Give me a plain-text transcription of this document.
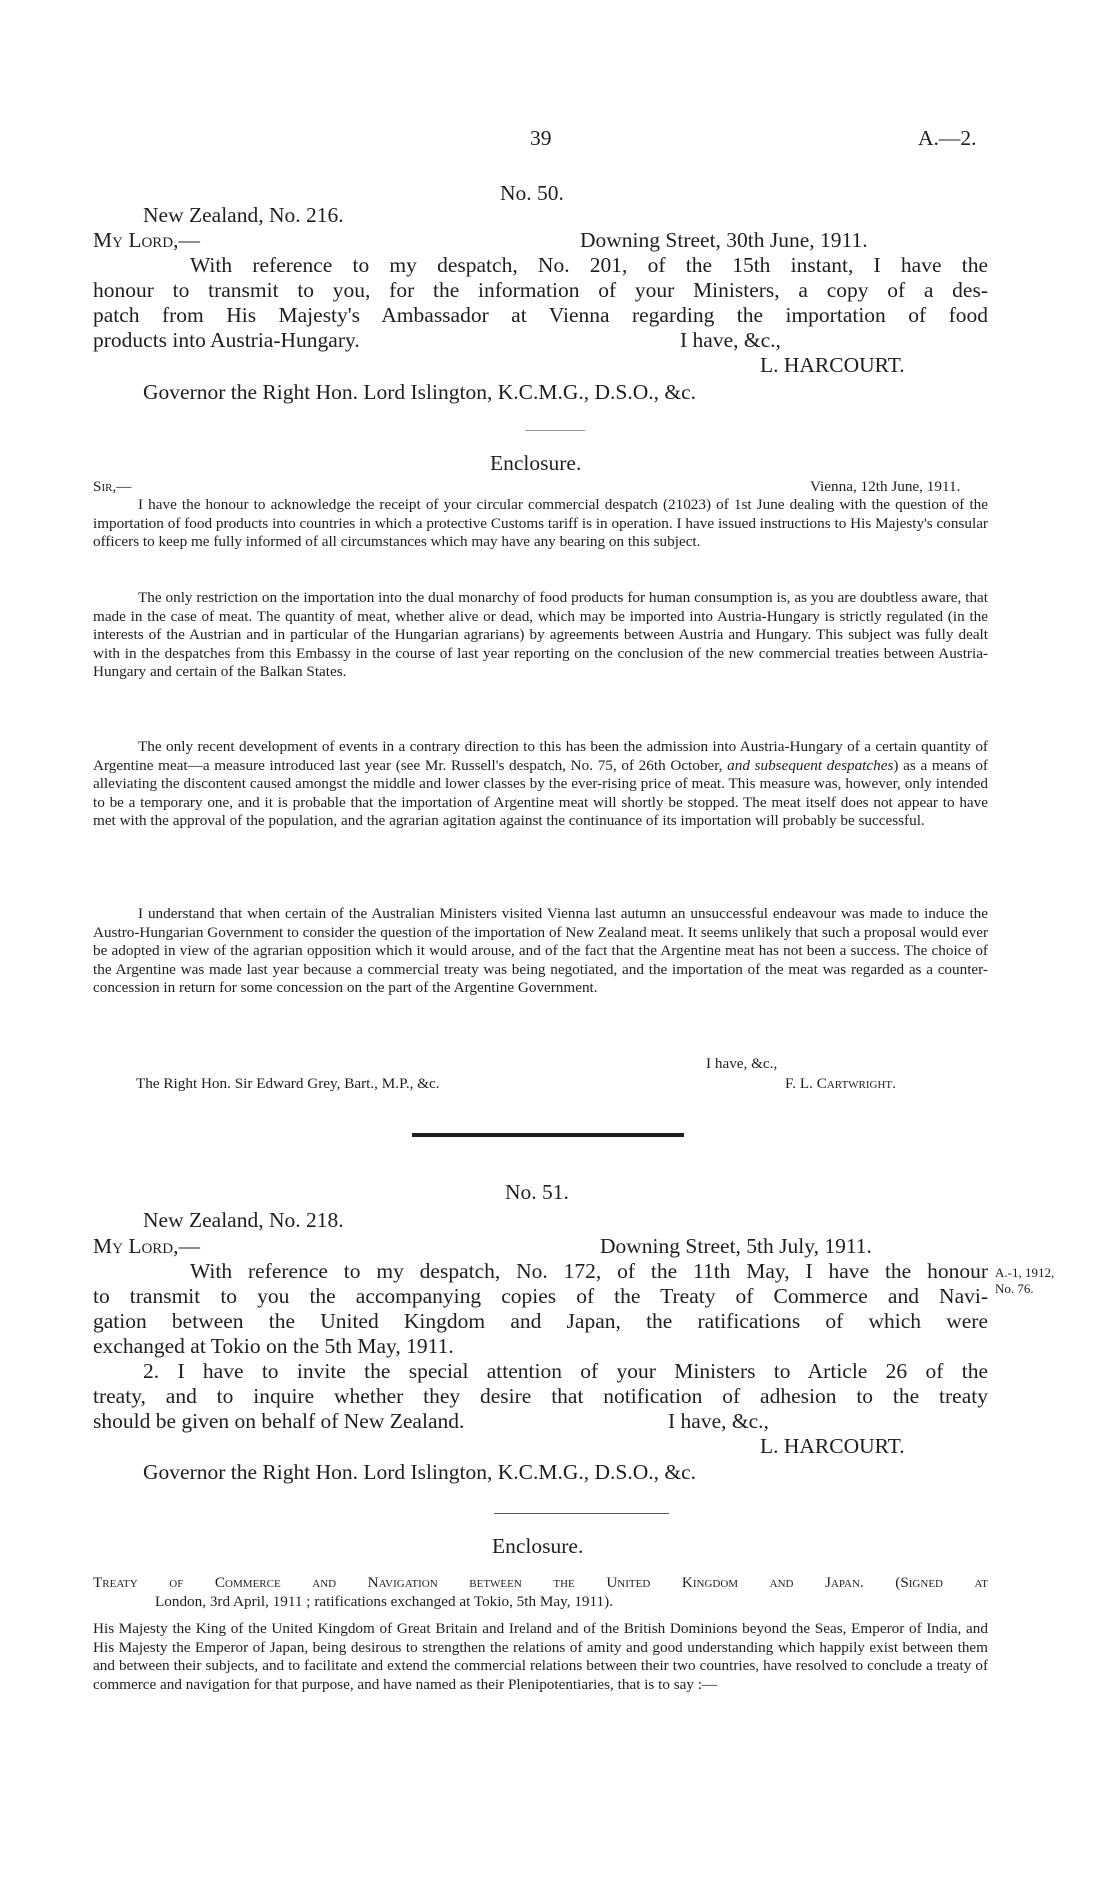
39	A.—2.
No. 50.
New Zealand, No. 216.
My Lord,—	Downing Street, 30th June, 1911.
With reference to my despatch, No. 201, of the 15th instant, I have the
honour to transmit to you, for the information of your Ministers, a copy of a des-
patch from His Majesty's Ambassador at Vienna regarding the importation of food
products into Austria-Hungary.	I have, &c.,
L. HARCOURT.
Governor the Right Hon. Lord Islington, K.C.M.G., D.S.O., &c.
Enclosure.
Sir,—	Vienna, 12th June, 1911.
I have the honour to acknowledge the receipt of your circular commercial despatch (21023) of 1st June dealing with the question of the importation of food products into countries in which a protective Customs tariff is in operation. I have issued instructions to His Majesty's consular officers to keep me fully informed of all circumstances which may have any bearing on this subject.
The only restriction on the importation into the dual monarchy of food products for human consumption is, as you are doubtless aware, that made in the case of meat. The quantity of meat, whether alive or dead, which may be imported into Austria-Hungary is strictly regulated (in the interests of the Austrian and in particular of the Hungarian agrarians) by agreements between Austria and Hungary. This subject was fully dealt with in the despatches from this Embassy in the course of last year reporting on the conclusion of the new commercial treaties between Austria-Hungary and certain of the Balkan States.
The only recent development of events in a contrary direction to this has been the admission into Austria-Hungary of a certain quantity of Argentine meat—a measure introduced last year (see Mr. Russell's despatch, No. 75, of 26th October, and subsequent despatches) as a means of alleviating the discontent caused amongst the middle and lower classes by the ever-rising price of meat. This measure was, however, only intended to be a temporary one, and it is probable that the importation of Argentine meat will shortly be stopped. The meat itself does not appear to have met with the approval of the population, and the agrarian agitation against the continuance of its importation will probably be successful.
I understand that when certain of the Australian Ministers visited Vienna last autumn an unsuccessful endeavour was made to induce the Austro-Hungarian Government to consider the question of the importation of New Zealand meat. It seems unlikely that such a proposal would ever be adopted in view of the agrarian opposition which it would arouse, and of the fact that the Argentine meat has not been a success. The choice of the Argentine was made last year because a commercial treaty was being negotiated, and the importation of the meat was regarded as a counter-concession in return for some concession on the part of the Argentine Government.
I have, &c.,
The Right Hon. Sir Edward Grey, Bart., M.P., &c.	F. L. Cartwright.
No. 51.
New Zealand, No. 218.
My Lord,—	Downing Street, 5th July, 1911.
With reference to my despatch, No. 172, of the 11th May, I have the honour
to transmit to you the accompanying copies of the Treaty of Commerce and Navi-
gation between the United Kingdom and Japan, the ratifications of which were
exchanged at Tokio on the 5th May, 1911.
2. I have to invite the special attention of your Ministers to Article 26 of the
treaty, and to inquire whether they desire that notification of adhesion to the treaty
should be given on behalf of New Zealand.	I have, &c.,
L. HARCOURT.
Governor the Right Hon. Lord Islington, K.C.M.G., D.S.O., &c.
A.-1, 1912,
No. 76.
Enclosure.
Treaty of Commerce and Navigation between the United Kingdom and Japan. (Signed at
London, 3rd April, 1911 ; ratifications exchanged at Tokio, 5th May, 1911).
His Majesty the King of the United Kingdom of Great Britain and Ireland and of the British Dominions beyond the Seas, Emperor of India, and His Majesty the Emperor of Japan, being desirous to strengthen the relations of amity and good understanding which happily exist between them and between their subjects, and to facilitate and extend the commercial relations between their two countries, have resolved to conclude a treaty of commerce and navigation for that purpose, and have named as their Plenipotentiaries, that is to say :—
